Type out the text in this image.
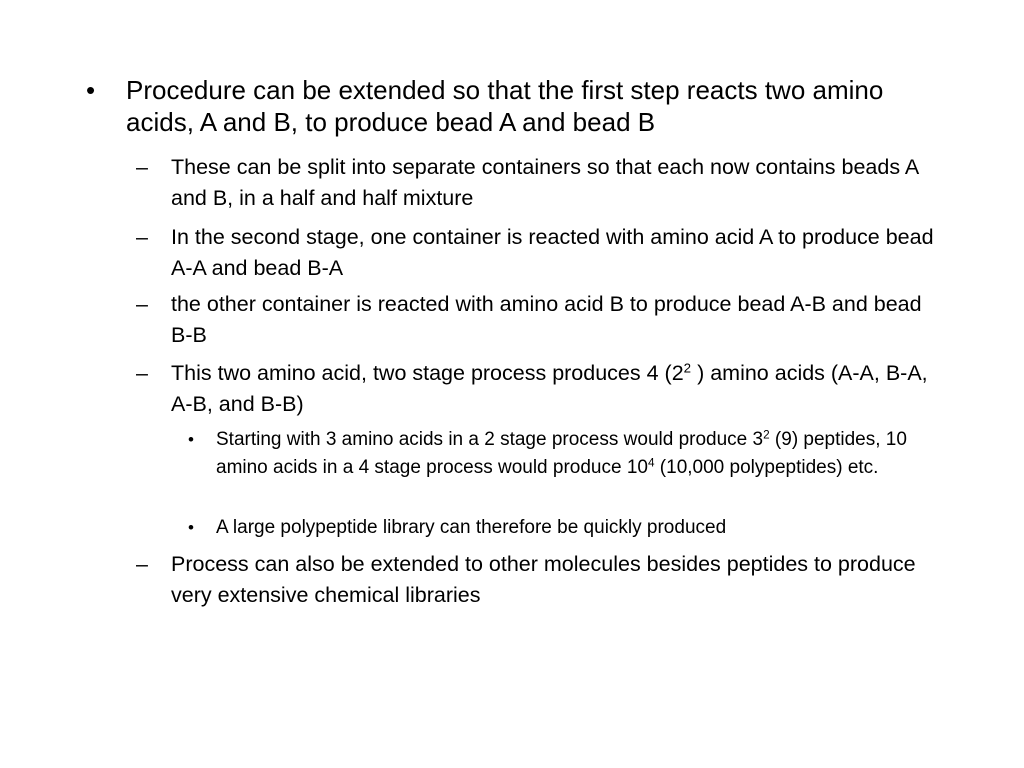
•	Procedure can be extended so that the first step reacts two amino acids, A and B, to produce bead A and bead B
–	These can be split into separate containers so that each now contains beads A and B, in a half and half mixture
–	In the second stage, one container is reacted with amino acid A to produce bead A-A and bead B-A
–	the other container is reacted with amino acid B to produce bead A-B and bead B-B
–	This two amino acid, two stage process produces 4 ($2^2$ ) amino acids (A-A, B-A, A-B, and B-B)
•	Starting with 3 amino acids in a 2 stage process would produce $3^2$ (9) peptides, 10 amino acids in a 4 stage process would produce $10^4$ (10,000 polypeptides) etc.
•	A large polypeptide library can therefore be quickly produced
–	Process can also be extended to other molecules besides peptides to produce very extensive chemical libraries
